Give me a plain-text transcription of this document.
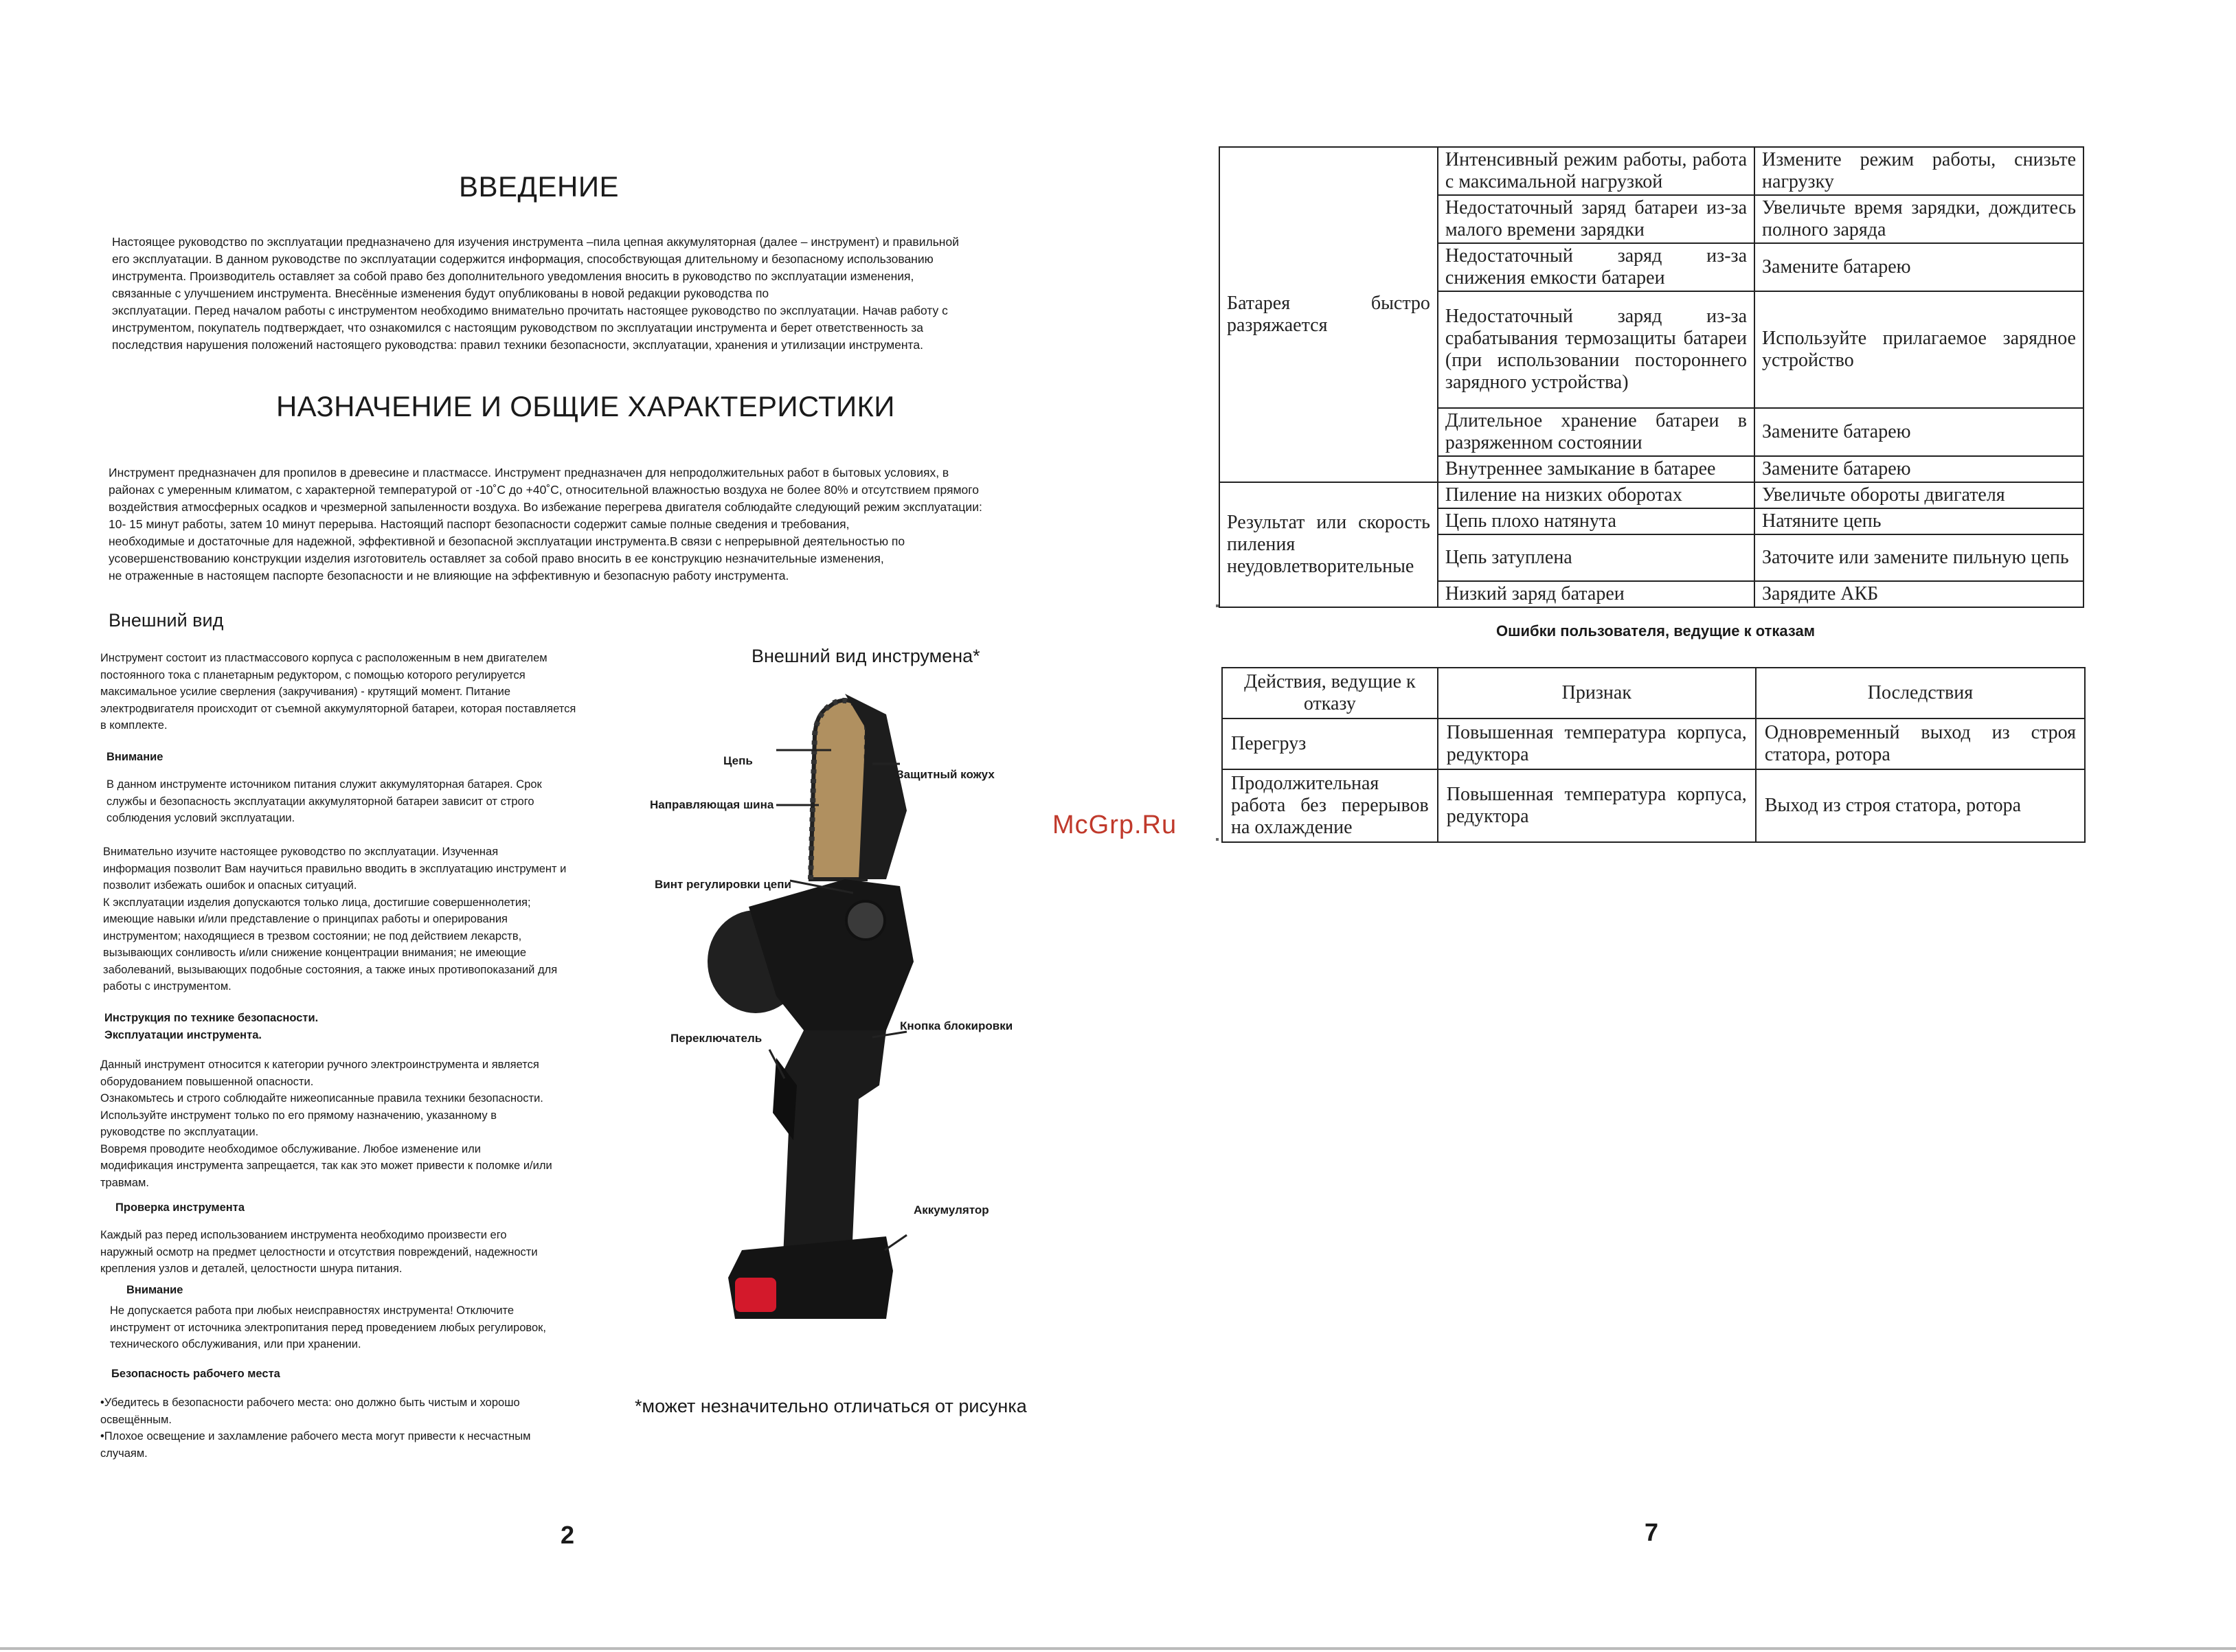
ВВЕДЕНИЕ
Настоящее руководство по эксплуатации предназначено для изучения инструмента –пила цепная аккумуляторная (далее – инструмент) и правильной
его эксплуатации. В данном руководстве по эксплуатации содержится информация, способствующая длительному и безопасному использованию
инструмента. Производитель оставляет за собой право без дополнительного уведомления вносить в руководство по эксплуатации изменения,
связанные с улучшением инструмента. Внесённые изменения будут опубликованы в новой редакции руководства по
эксплуатации. Перед началом работы с инструментом необходимо внимательно прочитать настоящее руководство по эксплуатации. Начав работу с
инструментом, покупатель подтверждает, что ознакомился с настоящим руководством по эксплуатации инструмента и берет ответственность за
последствия нарушения положений настоящего руководства: правил техники безопасности, эксплуатации, хранения и утилизации инструмента.
НАЗНАЧЕНИЕ И ОБЩИЕ ХАРАКТЕРИСТИКИ
Инструмент предназначен для пропилов в древесине и пластмассе. Инструмент предназначен для непродолжительных работ в бытовых условиях, в
районах с умеренным климатом, с характерной температурой от -10˚С до +40˚С, относительной влажностью воздуха не более 80% и отсутствием прямого
воздействия атмосферных осадков и чрезмерной запыленности воздуха. Во избежание перегрева двигателя соблюдайте следующий режим эксплуатации:
10- 15 минут работы, затем 10 минут перерыва. Настоящий паспорт безопасности содержит самые полные сведения и требования,
необходимые и достаточные для надежной, эффективной и безопасной эксплуатации инструмента.В связи с непрерывной деятельностью по
усовершенствованию конструкции изделия изготовитель оставляет за собой право вносить в ее конструкцию незначительные изменения,
не отраженные в настоящем паспорте безопасности и не влияющие на эффективную и безопасную работу инструмента.
Внешний вид
Инструмент состоит из пластмассового корпуса с расположенным в нем двигателем
постоянного тока с планетарным редуктором, с помощью которого регулируется
максимальное усилие сверления (закручивания) - крутящий момент. Питание
электродвигателя происходит от съемной аккумуляторной батареи, которая поставляется
в комплекте.
Внимание
В данном инструменте источником питания служит аккумуляторная батарея. Срок
службы и безопасность эксплуатации аккумуляторной батареи зависит от строго
соблюдения условий эксплуатации.
Внимательно изучите настоящее руководство по эксплуатации. Изученная
информация позволит Вам научиться правильно вводить в эксплуатацию инструмент и
позволит избежать ошибок и опасных ситуаций.
К эксплуатации изделия допускаются только лица, достигшие совершеннолетия;
имеющие навыки и/или представление о принципах работы и оперирования
инструментом; находящиеся в трезвом состоянии; не под действием лекарств,
вызывающих сонливость и/или снижение концентрации внимания; не имеющие
заболеваний, вызывающих подобные состояния, а также иных противопоказаний для
работы с инструментом.
Инструкция по технике безопасности.
Эксплуатации инструмента.
Данный инструмент относится к категории ручного электроинструмента и является
оборудованием повышенной опасности.
Ознакомьтесь и строго соблюдайте нижеописанные правила техники безопасности.
Используйте инструмент только по его прямому назначению, указанному в
руководстве по эксплуатации.
Вовремя проводите необходимое обслуживание. Любое изменение или
модификация инструмента запрещается, так как это может привести к поломке и/или
травмам.
Проверка инструмента
Каждый раз перед использованием инструмента необходимо произвести его
наружный осмотр на предмет целостности и отсутствия повреждений, надежности
крепления узлов и деталей, целостности шнура питания.
Внимание
Не допускается работа при любых неисправностях инструмента! Отключите
инструмент от источника электропитания перед проведением любых регулировок,
технического обслуживания, или при хранении.
Безопасность рабочего места
•Убедитесь в безопасности рабочего места: оно должно быть чистым и хорошо
освещённым.
•Плохое освещение и захламление рабочего места могут привести к несчастным
случаям.
Внешний вид инструмена*
Цепь
Защитный кожух
Направляющая шина
Винт регулировки цепи
Кнопка блокировки
Переключатель
Аккумулятор
*может незначительно отличаться от рисунка
2
Батарея быстро разряжается	Интенсивный режим работы, работа с максимальной нагрузкой	Измените режим работы, снизьте нагрузку
	Недостаточный заряд батареи из-за малого времени зарядки	Увеличьте время зарядки, дождитесь полного заряда
	Недостаточный заряд из-за снижения емкости батареи	Замените батарею
	Недостаточный заряд из-за срабатывания термозащиты батареи (при использовании постороннего зарядного устройства)	Используйте прилагаемое зарядное устройство
	Длительное хранение батареи в разряженном состоянии	Замените батарею
	Внутреннее замыкание в батарее	Замените батарею
Результат или скорость пиления неудовлетворительные	Пиление на низких оборотах	Увеличьте обороты двигателя
	Цепь плохо натянута	Натяните цепь
	Цепь затуплена	Заточите или замените пильную цепь
	Низкий заряд батареи	Зарядите АКБ
Ошибки пользователя, ведущие к отказам
Действия, ведущие к отказу	Признак	Последствия
Перегруз	Повышенная температура корпуса, редуктора	Одновременный выход из строя статора, ротора
Продолжительная работа без перерывов на охлаждение	Повышенная температура корпуса, редуктора	Выход из строя статора, ротора
McGrp.Ru
7
